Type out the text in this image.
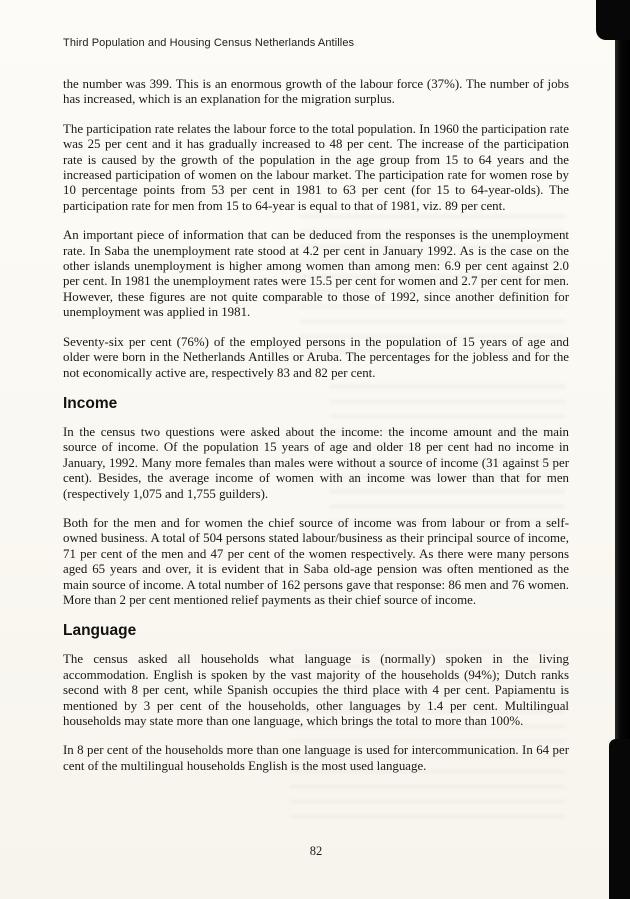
Third Population and Housing Census Netherlands Antilles

the number was 399. This is an enormous growth of the labour force (37%). The number of jobs has increased, which is an explanation for the migration surplus.

The participation rate relates the labour force to the total population. In 1960 the participation rate was 25 per cent and it has gradually increased to 48 per cent. The increase of the participation rate is caused by the growth of the population in the age group from 15 to 64 years and the increased participation of women on the labour market. The participation rate for women rose by 10 percentage points from 53 per cent in 1981 to 63 per cent (for 15 to 64-year-olds). The participation rate for men from 15 to 64-year is equal to that of 1981, viz. 89 per cent.

An important piece of information that can be deduced from the responses is the unemployment rate. In Saba the unemployment rate stood at 4.2 per cent in January 1992. As is the case on the other islands unemployment is higher among women than among men: 6.9 per cent against 2.0 per cent. In 1981 the unemployment rates were 15.5 per cent for women and 2.7 per cent for men. However, these figures are not quite comparable to those of 1992, since another definition for unemployment was applied in 1981.

Seventy-six per cent (76%) of the employed persons in the population of 15 years of age and older were born in the Netherlands Antilles or Aruba. The percentages for the jobless and for the not economically active are, respectively 83 and 82 per cent.

Income

In the census two questions were asked about the income: the income amount and the main source of income. Of the population 15 years of age and older 18 per cent had no income in January, 1992. Many more females than males were without a source of income (31 against 5 per cent). Besides, the average income of women with an income was lower than that for men (respectively 1,075 and 1,755 guilders).

Both for the men and for women the chief source of income was from labour or from a self-owned business. A total of 504 persons stated labour/business as their principal source of income, 71 per cent of the men and 47 per cent of the women respectively. As there were many persons aged 65 years and over, it is evident that in Saba old-age pension was often mentioned as the main source of income. A total number of 162 persons gave that response: 86 men and 76 women. More than 2 per cent mentioned relief payments as their chief source of income.

Language

The census asked all households what language is (normally) spoken in the living accommodation. English is spoken by the vast majority of the households (94%); Dutch ranks second with 8 per cent, while Spanish occupies the third place with 4 per cent. Papiamentu is mentioned by 3 per cent of the households, other languages by 1.4 per cent. Multilingual households may state more than one language, which brings the total to more than 100%.

In 8 per cent of the households more than one language is used for intercommunication. In 64 per cent of the multilingual households English is the most used language.

82
